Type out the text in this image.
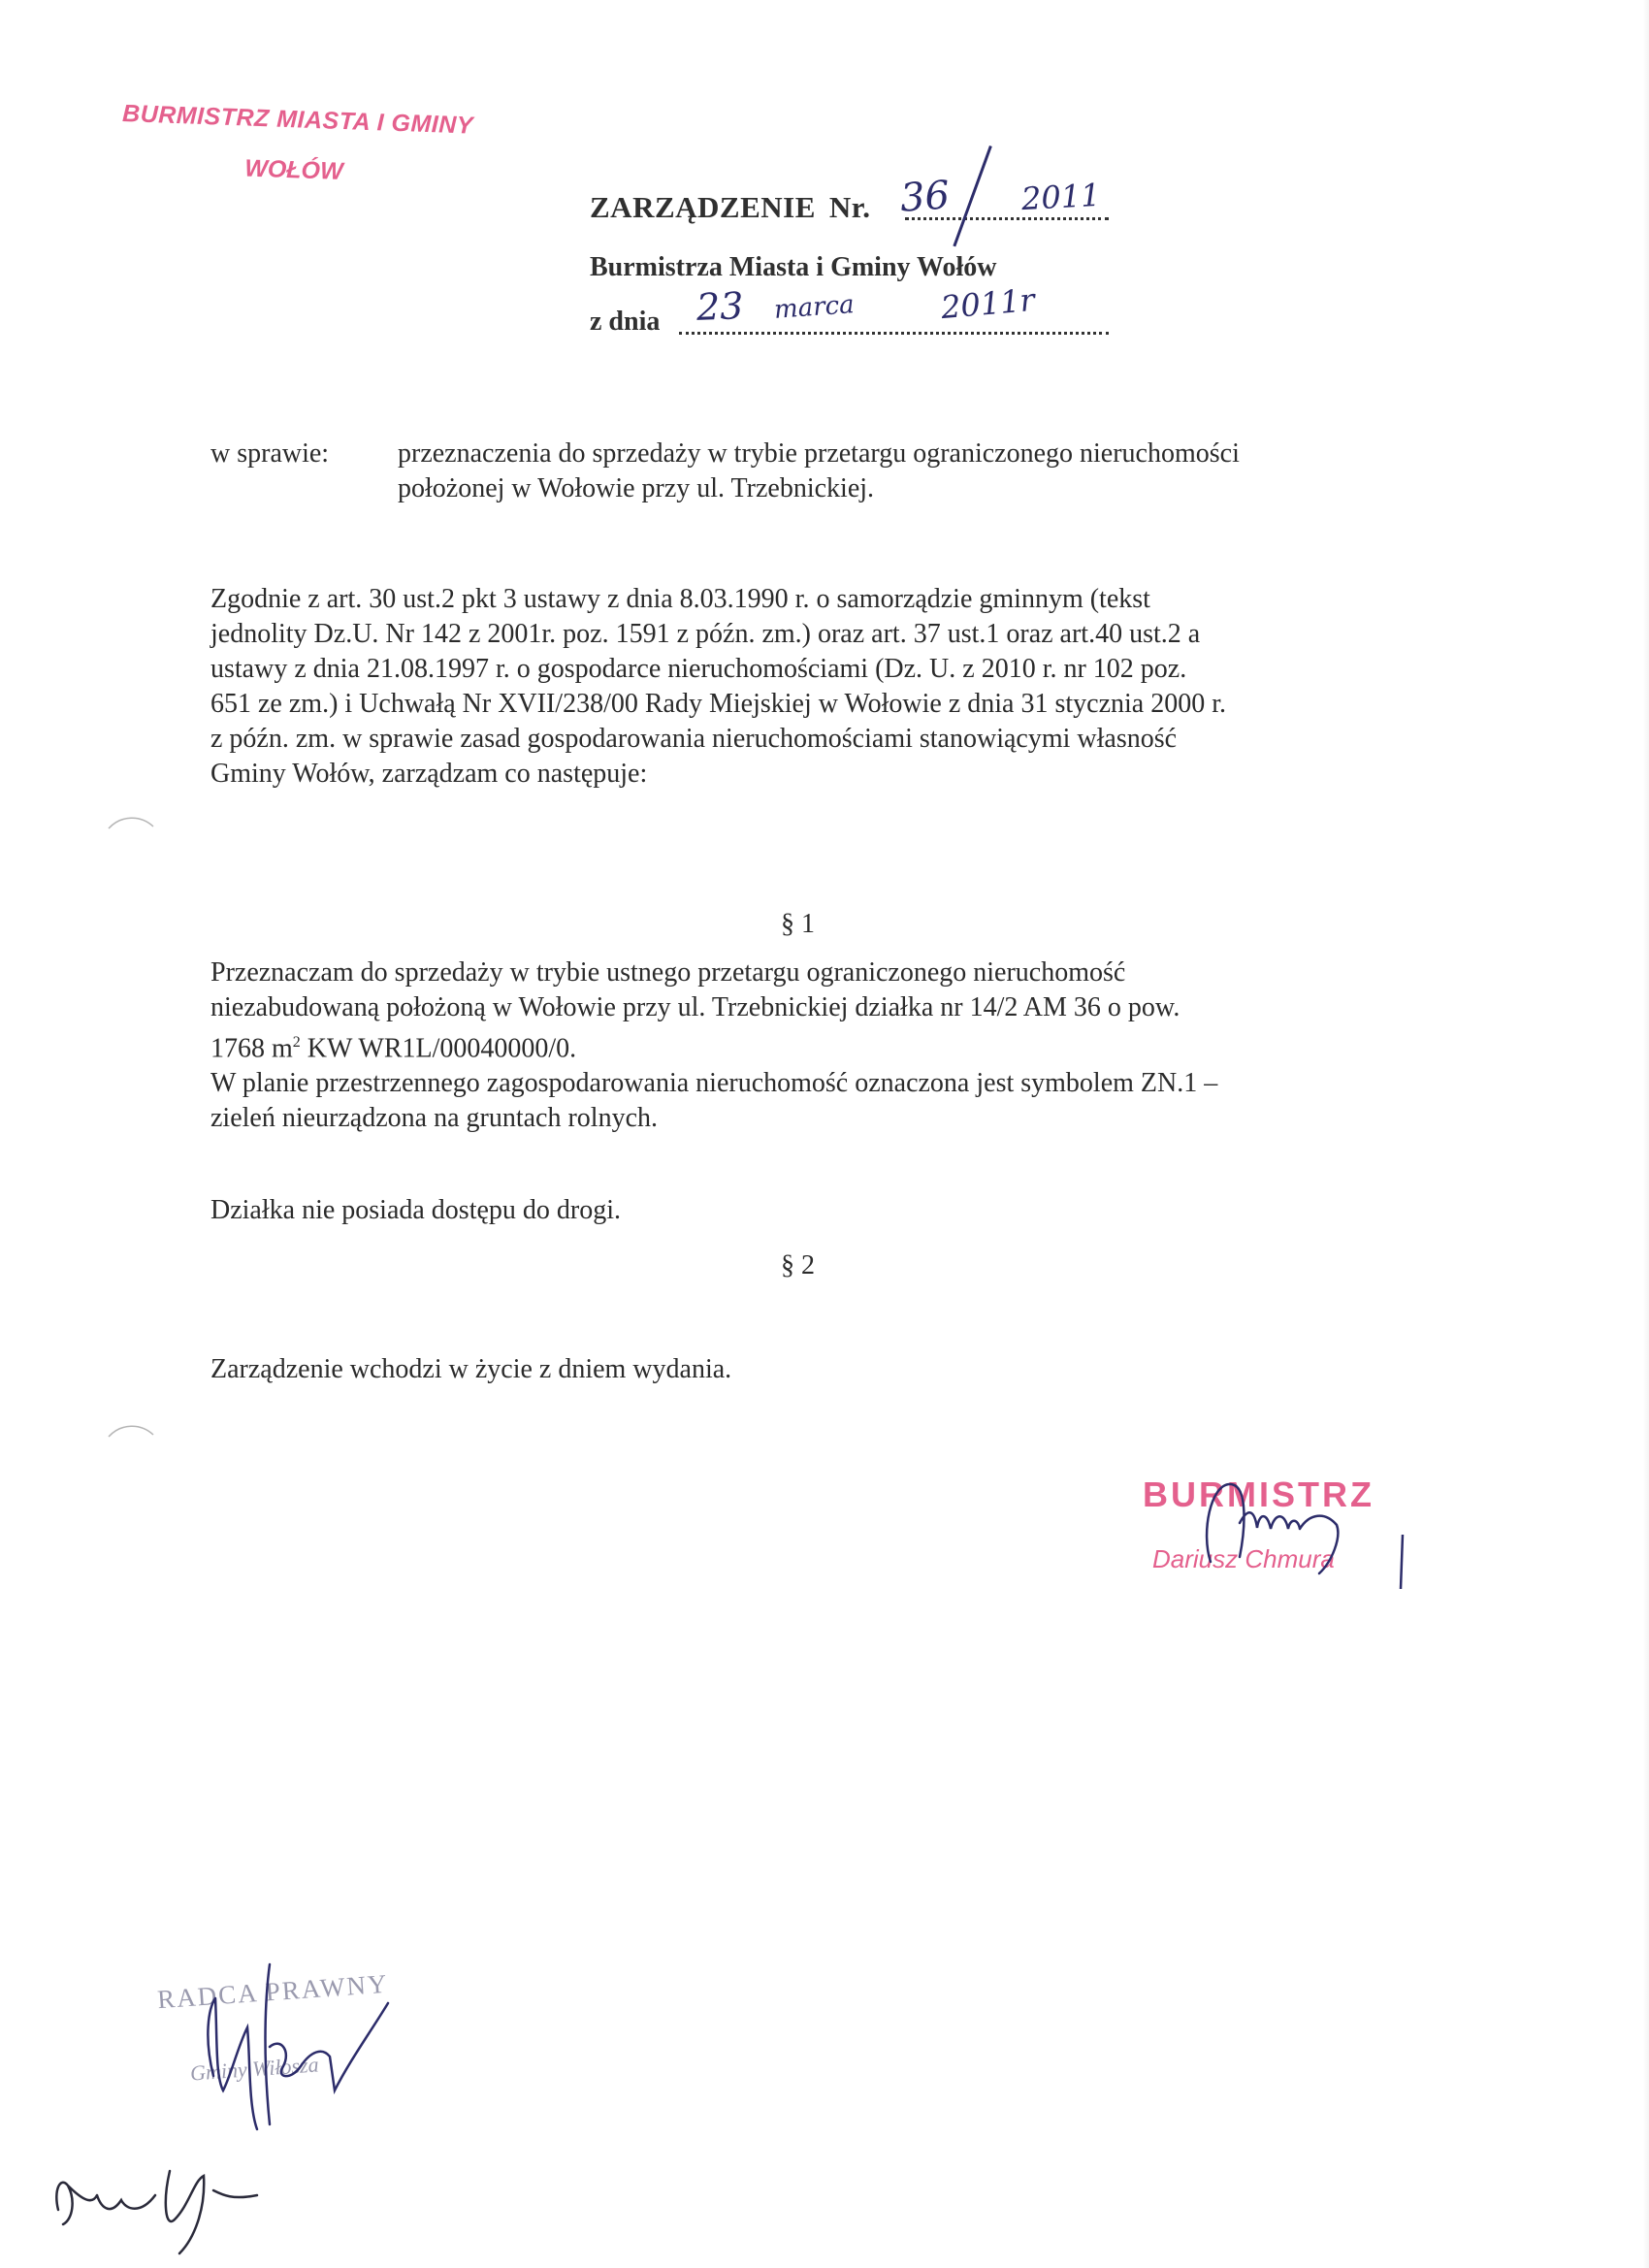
BURMISTRZ MIASTA I GMINY
WOŁÓW
ZARZĄDZENIE Nr. 36 2011
Burmistrza Miasta i Gminy Wołów
z dnia 23 marca	2011r
w sprawie:	przeznaczenia do sprzedaży w trybie przetargu ograniczonego nieruchomości
położonej w Wołowie przy ul. Trzebnickiej.
Zgodnie z art. 30 ust.2 pkt 3 ustawy z dnia 8.03.1990 r. o samorządzie gminnym (tekst
jednolity Dz.U. Nr 142 z 2001r. poz. 1591 z późn. zm.) oraz art. 37 ust.1 oraz art.40 ust.2 a
ustawy z dnia 21.08.1997 r. o gospodarce nieruchomościami (Dz. U. z 2010 r. nr 102 poz.
651 ze zm.) i Uchwałą Nr XVII/238/00 Rady Miejskiej w Wołowie z dnia 31 stycznia 2000 r.
z późn. zm. w sprawie zasad gospodarowania nieruchomościami stanowiącymi własność
Gminy Wołów, zarządzam co następuje:
§ 1
Przeznaczam do sprzedaży w trybie ustnego przetargu ograniczonego nieruchomość
niezabudowaną położoną w Wołowie przy ul. Trzebnickiej działka nr 14/2 AM 36 o pow.
1768 $m^2$ KW WR1L/00040000/0.
W planie przestrzennego zagospodarowania nieruchomość oznaczona jest symbolem ZN.1 –
zieleń nieurządzona na gruntach rolnych.
Działka nie posiada dostępu do drogi.
§ 2
Zarządzenie wchodzi w życie z dniem wydania.
BURMISTRZ
Dariusz Chmura
RADCA PRAWNY
Gminy Wiłosza
